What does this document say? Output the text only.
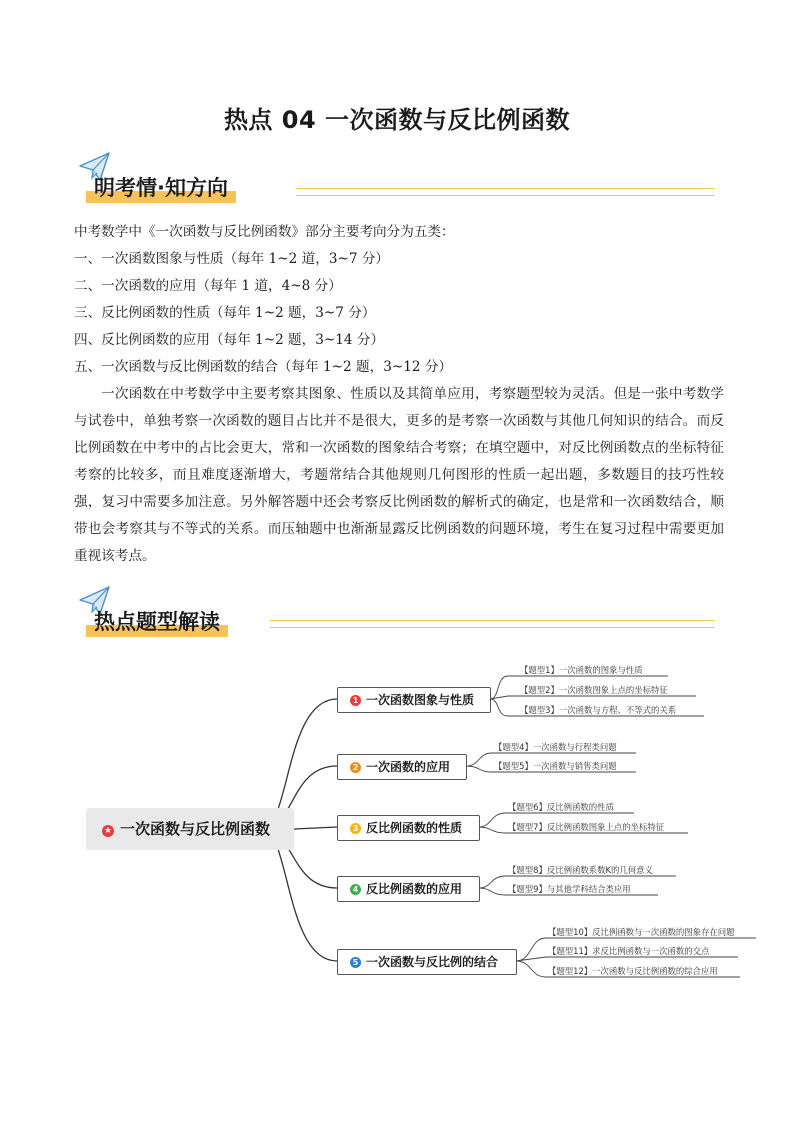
热点 04 一次函数与反比例函数
明考情·知方向

中考数学中《一次函数与反比例函数》部分主要考向分为五类：

一、一次函数图象与性质（每年 1~2 道，3~7 分）

二、一次函数的应用（每年 1 道，4~8 分）

三、反比例函数的性质（每年 1~2 题，3~7 分）

四、反比例函数的应用（每年 1~2 题，3~14 分）

五、一次函数与反比例函数的结合（每年 1~2 题，3~12 分）

一次函数在中考数学中主要考察其图象、性质以及其简单应用，考察题型较为灵活。但是一张中考数学与试卷中，单独考察一次函数的题目占比并不是很大，更多的是考察一次函数与其他几何知识的结合。而反比例函数在中考中的占比会更大，常和一次函数的图象结合考察；在填空题中，对反比例函数点的坐标特征考察的比较多，而且难度逐渐增大，考题常结合其他规则几何图形的性质一起出题，多数题目的技巧性较强，复习中需要多加注意。另外解答题中还会考察反比例函数的解析式的确定，也是常和一次函数结合，顺带也会考察其与不等式的关系。而压轴题中也渐渐显露反比例函数的问题环境，考生在复习过程中需要更加重视该考点。

热点题型解读
★ 一次函数与反比例函数
1 一次函数图象与性质
2 一次函数的应用
3 反比例函数的性质
4 反比例函数的应用
5 一次函数与反比例的结合
【题型1】一次函数的图象与性质
【题型2】一次函数图象上点的坐标特征
【题型3】一次函数与方程、不等式的关系
【题型4】一次函数与行程类问题
【题型5】一次函数与销售类问题
【题型6】反比例函数的性质
【题型7】反比例函数图象上点的坐标特征
【题型8】反比例函数系数K的几何意义
【题型9】与其他学科结合类应用
【题型10】反比例函数与一次函数的图象存在问题
【题型11】求反比例函数与一次函数的交点
【题型12】一次函数与反比例函数的综合应用
